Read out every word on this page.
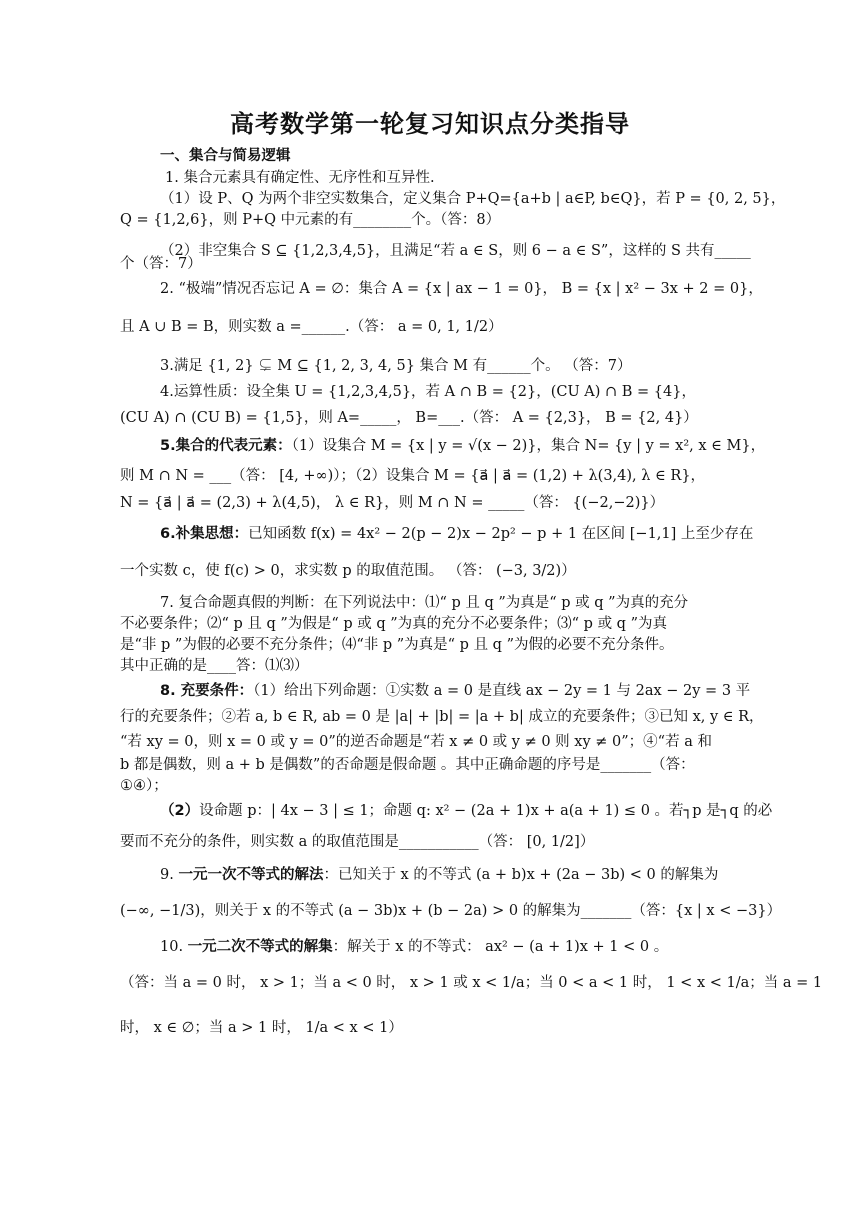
高考数学第一轮复习知识点分类指导
一、集合与简易逻辑
1. 集合元素具有确定性、无序性和互异性.
（1）设 P、Q 为两个非空实数集合，定义集合 P+Q={a+b | a∈P, b∈Q}，若 P = {0, 2, 5}，
Q = {1,2,6}，则 P+Q 中元素的有________个。（答：8）
（2）非空集合 S ⊆ {1,2,3,4,5}，且满足“若 a ∈ S，则 6 − a ∈ S”，这样的 S 共有_____
个（答：7）
2. “极端”情况否忘记 A = ∅：集合 A = {x | ax − 1 = 0}， B = {x | x² − 3x + 2 = 0}，
且 A ∪ B = B，则实数 a =______.（答： a = 0, 1, 1/2）
3.满足 {1, 2} ⊊ M ⊆ {1, 2, 3, 4, 5} 集合 M 有______个。 （答：7）
4.运算性质：设全集 U = {1,2,3,4,5}，若 A ∩ B = {2}，(CU A) ∩ B = {4}，
(CU A) ∩ (CU B) = {1,5}，则 A=_____， B=___.（答： A = {2,3}， B = {2, 4}）
5.集合的代表元素：（1）设集合 M = {x | y = √(x − 2)}，集合 N= {y | y = x², x ∈ M}，
则 M ∩ N = ___（答： [4, +∞)）；（2）设集合 M = {a⃗ | a⃗ = (1,2) + λ(3,4), λ ∈ R}，
N = {a⃗ | a⃗ = (2,3) + λ(4,5)， λ ∈ R}，则 M ∩ N = _____（答： {(−2,−2)}）
6.补集思想：已知函数 f(x) = 4x² − 2(p − 2)x − 2p² − p + 1 在区间 [−1,1] 上至少存在
一个实数 c，使 f(c) > 0，求实数 p 的取值范围。 （答： (−3, 3/2)）
7. 复合命题真假的判断：在下列说法中：⑴“ p 且 q ”为真是“ p 或 q ”为真的充分
不必要条件；⑵“ p 且 q ”为假是“ p 或 q ”为真的充分不必要条件；⑶“ p 或 q ”为真
是“非 p ”为假的必要不充分条件；⑷“非 p ”为真是“ p 且 q ”为假的必要不充分条件。
其中正确的是____答：⑴⑶）
8. 充要条件：（1）给出下列命题：①实数 a = 0 是直线 ax − 2y = 1 与 2ax − 2y = 3 平
行的充要条件；②若 a, b ∈ R, ab = 0 是 |a| + |b| = |a + b| 成立的充要条件；③已知 x, y ∈ R，
“若 xy = 0，则 x = 0 或 y = 0”的逆否命题是“若 x ≠ 0 或 y ≠ 0 则 xy ≠ 0”；④“若 a 和
b 都是偶数，则 a + b 是偶数”的否命题是假命题 。其中正确命题的序号是_______（答：
①④）；
（2）设命题 p：| 4x − 3 | ≤ 1；命题 q: x² − (2a + 1)x + a(a + 1) ≤ 0 。若┐p 是┐q 的必
要而不充分的条件，则实数 a 的取值范围是___________（答： [0, 1/2]）
9. 一元一次不等式的解法：已知关于 x 的不等式 (a + b)x + (2a − 3b) < 0 的解集为
(−∞, −1/3)，则关于 x 的不等式 (a − 3b)x + (b − 2a) > 0 的解集为_______（答：{x | x < −3}）
10. 一元二次不等式的解集：解关于 x 的不等式： ax² − (a + 1)x + 1 < 0 。
（答：当 a = 0 时， x > 1；当 a < 0 时， x > 1 或 x < 1/a；当 0 < a < 1 时， 1 < x < 1/a；当 a = 1
时， x ∈ ∅；当 a > 1 时， 1/a < x < 1）
